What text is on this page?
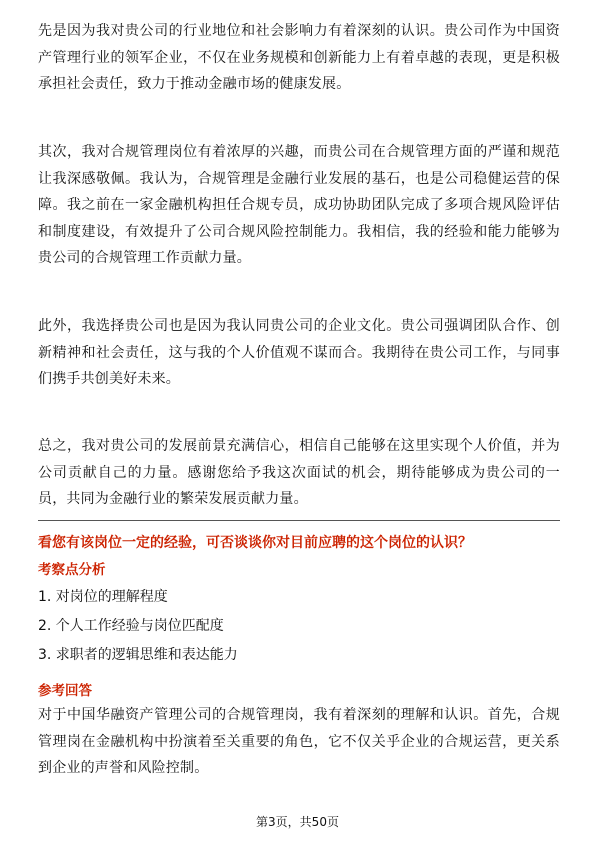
先是因为我对贵公司的行业地位和社会影响力有着深刻的认识。贵公司作为中国资产管理行业的领军企业，不仅在业务规模和创新能力上有着卓越的表现，更是积极承担社会责任，致力于推动金融市场的健康发展。

其次，我对合规管理岗位有着浓厚的兴趣，而贵公司在合规管理方面的严谨和规范让我深感敬佩。我认为，合规管理是金融行业发展的基石，也是公司稳健运营的保障。我之前在一家金融机构担任合规专员，成功协助团队完成了多项合规风险评估和制度建设，有效提升了公司合规风险控制能力。我相信，我的经验和能力能够为贵公司的合规管理工作贡献力量。

此外，我选择贵公司也是因为我认同贵公司的企业文化。贵公司强调团队合作、创新精神和社会责任，这与我的个人价值观不谋而合。我期待在贵公司工作，与同事们携手共创美好未来。

总之，我对贵公司的发展前景充满信心，相信自己能够在这里实现个人价值，并为公司贡献自己的力量。感谢您给予我这次面试的机会，期待能够成为贵公司的一员，共同为金融行业的繁荣发展贡献力量。

看您有该岗位一定的经验，可否谈谈你对目前应聘的这个岗位的认识？

考察点分析

1. 对岗位的理解程度

2. 个人工作经验与岗位匹配度

3. 求职者的逻辑思维和表达能力

参考回答

对于中国华融资产管理公司的合规管理岗，我有着深刻的理解和认识。首先，合规管理岗在金融机构中扮演着至关重要的角色，它不仅关乎企业的合规运营，更关系到企业的声誉和风险控制。

第3页，共50页
